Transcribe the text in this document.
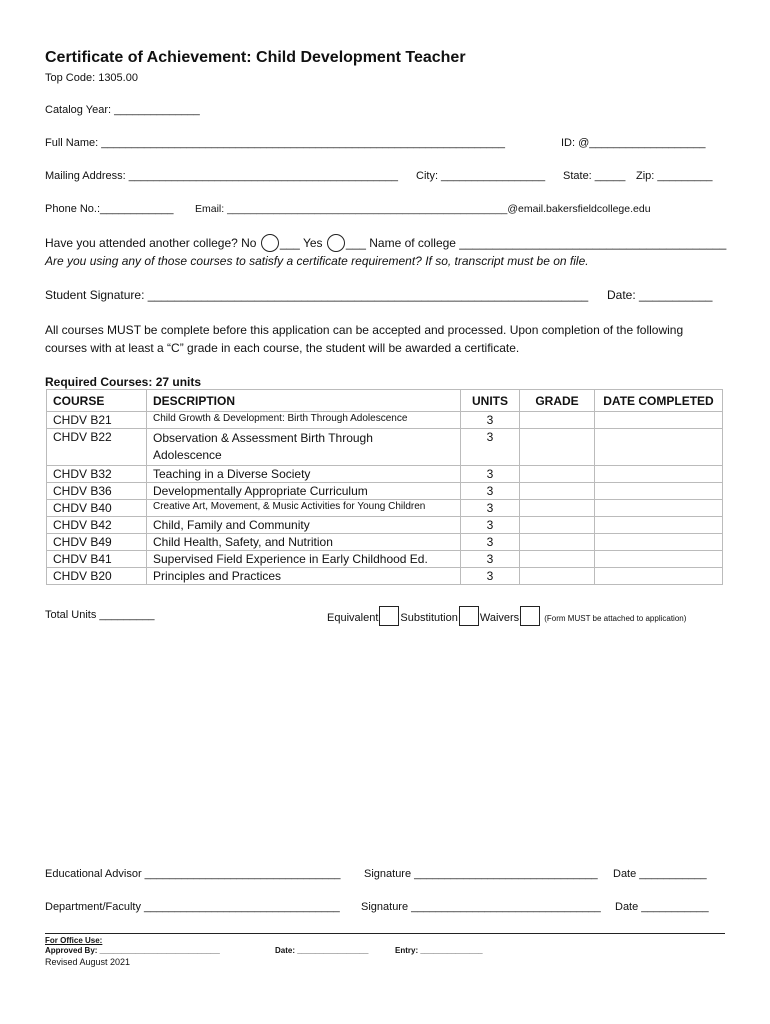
Certificate of Achievement: Child Development Teacher
Top Code: 1305.00
Catalog Year: ______________
Full Name: __________________________________________________________________	ID: @___________________
Mailing Address: ____________________________________________ City: _________________ State: _____ Zip: _________
Phone No.:____________ Email: ________________________________________________@email.bakersfieldcollege.edu
Have you attended another college? No ___ Yes ___ Name of college ________________________________________
Are you using any of those courses to satisfy a certificate requirement? If so, transcript must be on file.
Student Signature: __________________________________________________________________ Date: ___________
All courses MUST be complete before this application can be accepted and processed. Upon completion of the following
courses with at least a “C” grade in each course, the student will be awarded a certificate.
Required Courses: 27 units
COURSE	DESCRIPTION	UNITS	GRADE	DATE COMPLETED
CHDV B21	Child Growth & Development: Birth Through Adolescence	3		
CHDV B22	Observation & Assessment Birth Through Adolescence	3		
CHDV B32	Teaching in a Diverse Society	3		
CHDV B36	Developmentally Appropriate Curriculum	3		
CHDV B40	Creative Art, Movement, & Music Activities for Young Children	3		
CHDV B42	Child, Family and Community	3		
CHDV B49	Child Health, Safety, and Nutrition	3		
CHDV B41	Supervised Field Experience in Early Childhood Ed.	3		
CHDV B20	Principles and Practices	3		
Total Units _________	Equivalent Substitution Waivers	(Form MUST be attached to application)
Educational Advisor ________________________________ Signature ______________________________ Date ___________
Department/Faculty ________________________________ Signature _______________________________ Date ___________
For Office Use:
Approved By: ___________________________	Date: ________________	Entry: ______________
Revised August 2021
